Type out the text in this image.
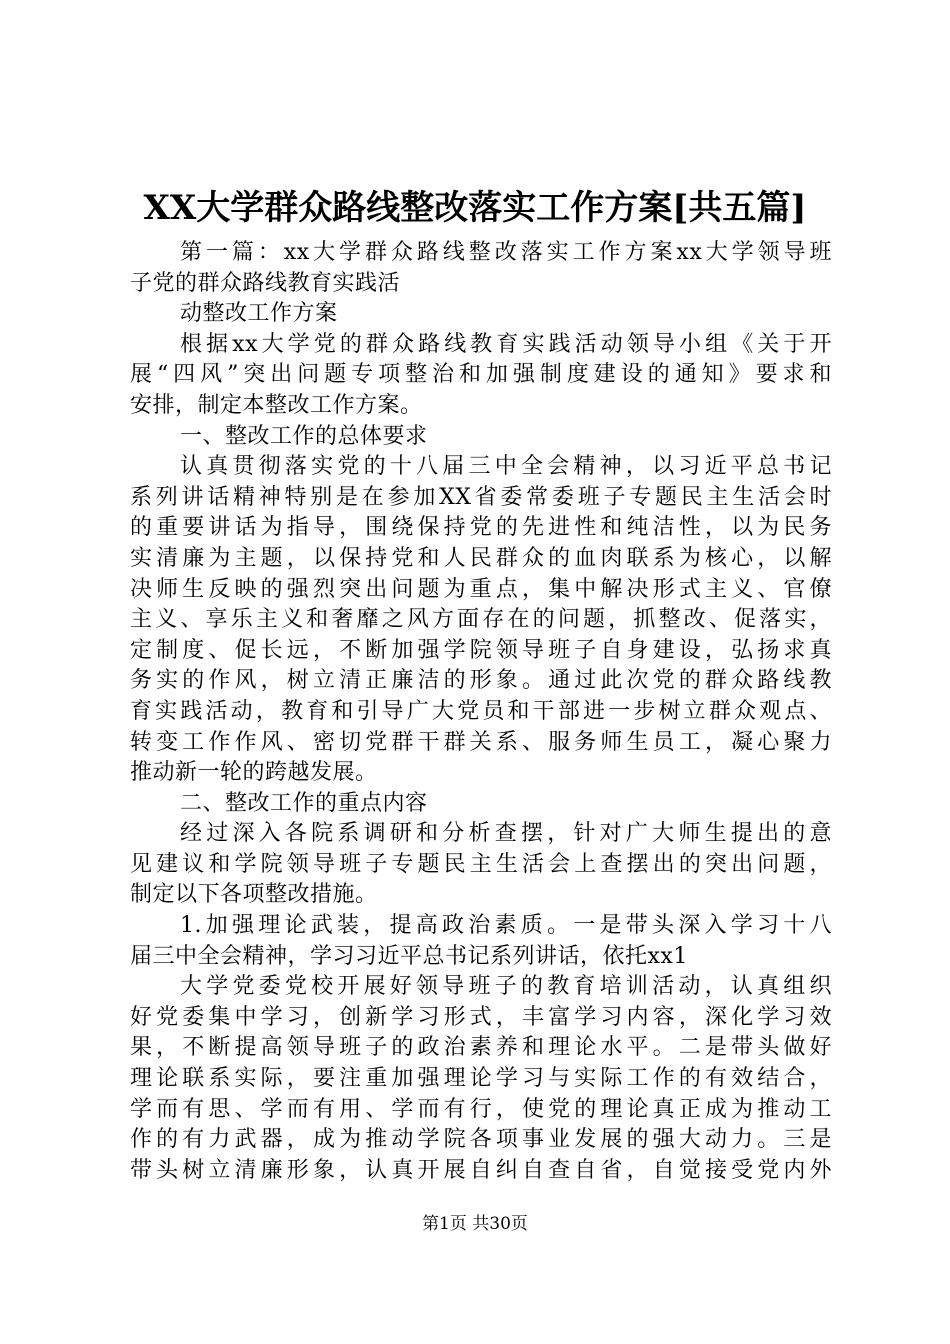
XX大学群众路线整改落实工作方案[共五篇]
第一篇：xx大学群众路线整改落实工作方案xx大学领导班
子党的群众路线教育实践活
动整改工作方案
根据xx大学党的群众路线教育实践活动领导小组《关于开
展“四风”突出问题专项整治和加强制度建设的通知》要求和
安排，制定本整改工作方案。
一、整改工作的总体要求
认真贯彻落实党的十八届三中全会精神，以习近平总书记
系列讲话精神特别是在参加XX省委常委班子专题民主生活会时
的重要讲话为指导，围绕保持党的先进性和纯洁性，以为民务
实清廉为主题，以保持党和人民群众的血肉联系为核心，以解
决师生反映的强烈突出问题为重点，集中解决形式主义、官僚
主义、享乐主义和奢靡之风方面存在的问题，抓整改、促落实，
定制度、促长远，不断加强学院领导班子自身建设，弘扬求真
务实的作风，树立清正廉洁的形象。通过此次党的群众路线教
育实践活动，教育和引导广大党员和干部进一步树立群众观点、
转变工作作风、密切党群干群关系、服务师生员工，凝心聚力
推动新一轮的跨越发展。
二、整改工作的重点内容
经过深入各院系调研和分析查摆，针对广大师生提出的意
见建议和学院领导班子专题民主生活会上查摆出的突出问题，
制定以下各项整改措施。
1.加强理论武装，提高政治素质。一是带头深入学习十八
届三中全会精神，学习习近平总书记系列讲话，依托xx1
大学党委党校开展好领导班子的教育培训活动，认真组织
好党委集中学习，创新学习形式，丰富学习内容，深化学习效
果，不断提高领导班子的政治素养和理论水平。二是带头做好
理论联系实际，要注重加强理论学习与实际工作的有效结合，
学而有思、学而有用、学而有行，使党的理论真正成为推动工
作的有力武器，成为推动学院各项事业发展的强大动力。三是
带头树立清廉形象，认真开展自纠自查自省，自觉接受党内外
第1页 共30页
